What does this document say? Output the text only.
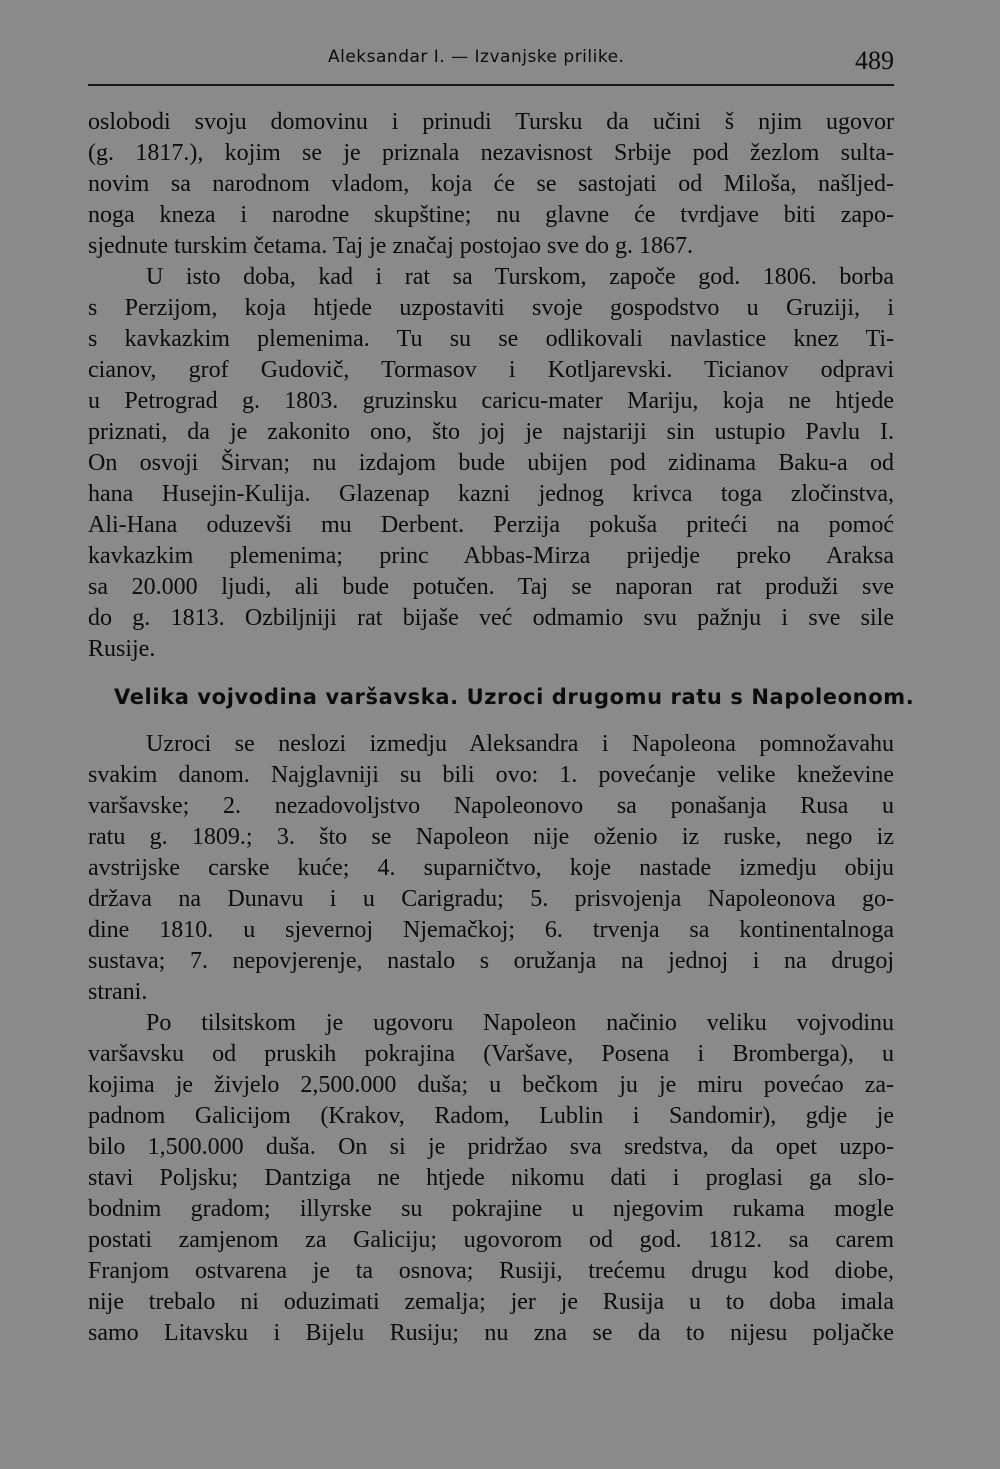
Aleksandar I. — Izvanjske prilike.	489
oslobodi svoju domovinu i prinudi Tursku da učini š njim ugovor
(g. 1817.), kojim se je priznala nezavisnost Srbije pod žezlom sulta-
novim sa narodnom vladom, koja će se sastojati od Miloša, našljed-
noga kneza i narodne skupštine; nu glavne će tvrdjave biti zapo-
sjednute turskim četama. Taj je značaj postojao sve do g. 1867.
U isto doba, kad i rat sa Turskom, započe god. 1806. borba
s Perzijom, koja htjede uzpostaviti svoje gospodstvo u Gruziji, i
s kavkazkim plemenima. Tu su se odlikovali navlastice knez Ti-
cianov, grof Gudovič, Tormasov i Kotljarevski. Ticianov odpravi
u Petrograd g. 1803. gruzinsku caricu-mater Mariju, koja ne htjede
priznati, da je zakonito ono, što joj je najstariji sin ustupio Pavlu I.
On osvoji Širvan; nu izdajom bude ubijen pod zidinama Baku-a od
hana Husejin-Kulija. Glazenap kazni jednog krivca toga zločinstva,
Ali-Hana oduzevši mu Derbent. Perzija pokuša priteći na pomoć
kavkazkim plemenima; princ Abbas-Mirza prijedje preko Araksa
sa 20.000 ljudi, ali bude potučen. Taj se naporan rat produži sve
do g. 1813. Ozbiljniji rat bijaše već odmamio svu pažnju i sve sile
Rusije.
Velika vojvodina varšavska. Uzroci drugomu ratu s Napoleonom.
Uzroci se neslozi izmedju Aleksandra i Napoleona pomnožavahu
svakim danom. Najglavniji su bili ovo: 1. povećanje velike kneževine
varšavske; 2. nezadovoljstvo Napoleonovo sa ponašanja Rusa u
ratu g. 1809.; 3. što se Napoleon nije oženio iz ruske, nego iz
avstrijske carske kuće; 4. suparničtvo, koje nastade izmedju obiju
država na Dunavu i u Carigradu; 5. prisvojenja Napoleonova go-
dine 1810. u sjevernoj Njemačkoj; 6. trvenja sa kontinentalnoga
sustava; 7. nepovjerenje, nastalo s oružanja na jednoj i na drugoj
strani.
Po tilsitskom je ugovoru Napoleon načinio veliku vojvodinu
varšavsku od pruskih pokrajina (Varšave, Posena i Bromberga), u
kojima je živjelo 2,500.000 duša; u bečkom ju je miru povećao za-
padnom Galicijom (Krakov, Radom, Lublin i Sandomir), gdje je
bilo 1,500.000 duša. On si je pridržao sva sredstva, da opet uzpo-
stavi Poljsku; Dantziga ne htjede nikomu dati i proglasi ga slo-
bodnim gradom; illyrske su pokrajine u njegovim rukama mogle
postati zamjenom za Galiciju; ugovorom od god. 1812. sa carem
Franjom ostvarena je ta osnova; Rusiji, trećemu drugu kod diobe,
nije trebalo ni oduzimati zemalja; jer je Rusija u to doba imala
samo Litavsku i Bijelu Rusiju; nu zna se da to nijesu poljačke
